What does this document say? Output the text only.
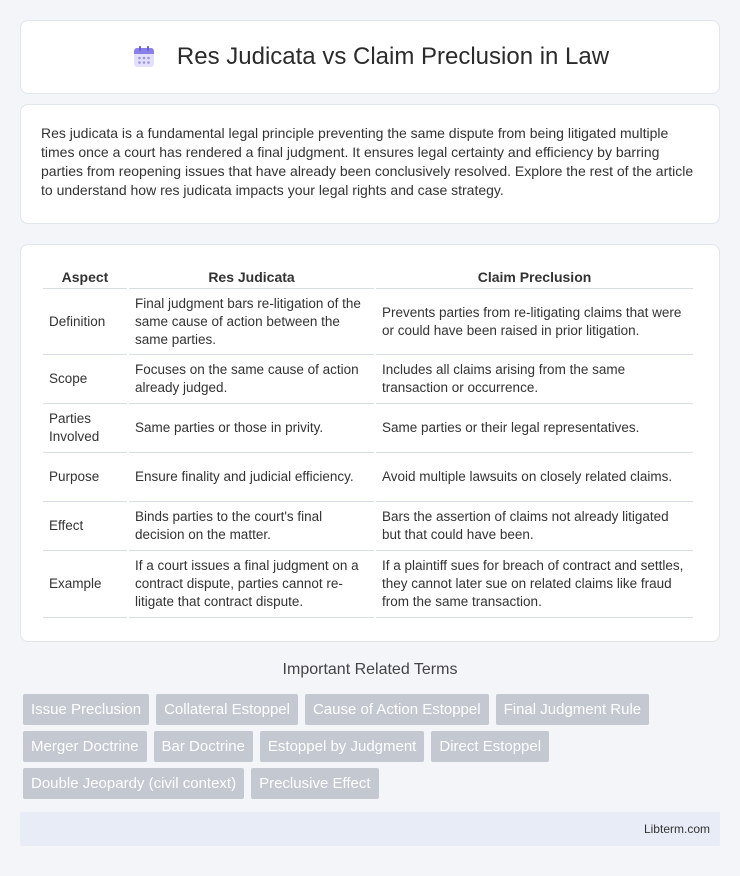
Res Judicata vs Claim Preclusion in Law

Res judicata is a fundamental legal principle preventing the same dispute from being litigated multiple times once a court has rendered a final judgment. It ensures legal certainty and efficiency by barring parties from reopening issues that have already been conclusively resolved. Explore the rest of the article to understand how res judicata impacts your legal rights and case strategy.

Aspect	Res Judicata	Claim Preclusion
Definition	Final judgment bars re-litigation of the same cause of action between the same parties.	Prevents parties from re-litigating claims that were or could have been raised in prior litigation.
Scope	Focuses on the same cause of action already judged.	Includes all claims arising from the same transaction or occurrence.
Parties Involved	Same parties or those in privity.	Same parties or their legal representatives.
Purpose	Ensure finality and judicial efficiency.	Avoid multiple lawsuits on closely related claims.
Effect	Binds parties to the court's final decision on the matter.	Bars the assertion of claims not already litigated but that could have been.
Example	If a court issues a final judgment on a contract dispute, parties cannot re-litigate that contract dispute.	If a plaintiff sues for breach of contract and settles, they cannot later sue on related claims like fraud from the same transaction.
Important Related Terms
Issue Preclusion	Collateral Estoppel	Cause of Action Estoppel	Final Judgment Rule
Merger Doctrine	Bar Doctrine	Estoppel by Judgment	Direct Estoppel
Double Jeopardy (civil context)	Preclusive Effect
Libterm.com
